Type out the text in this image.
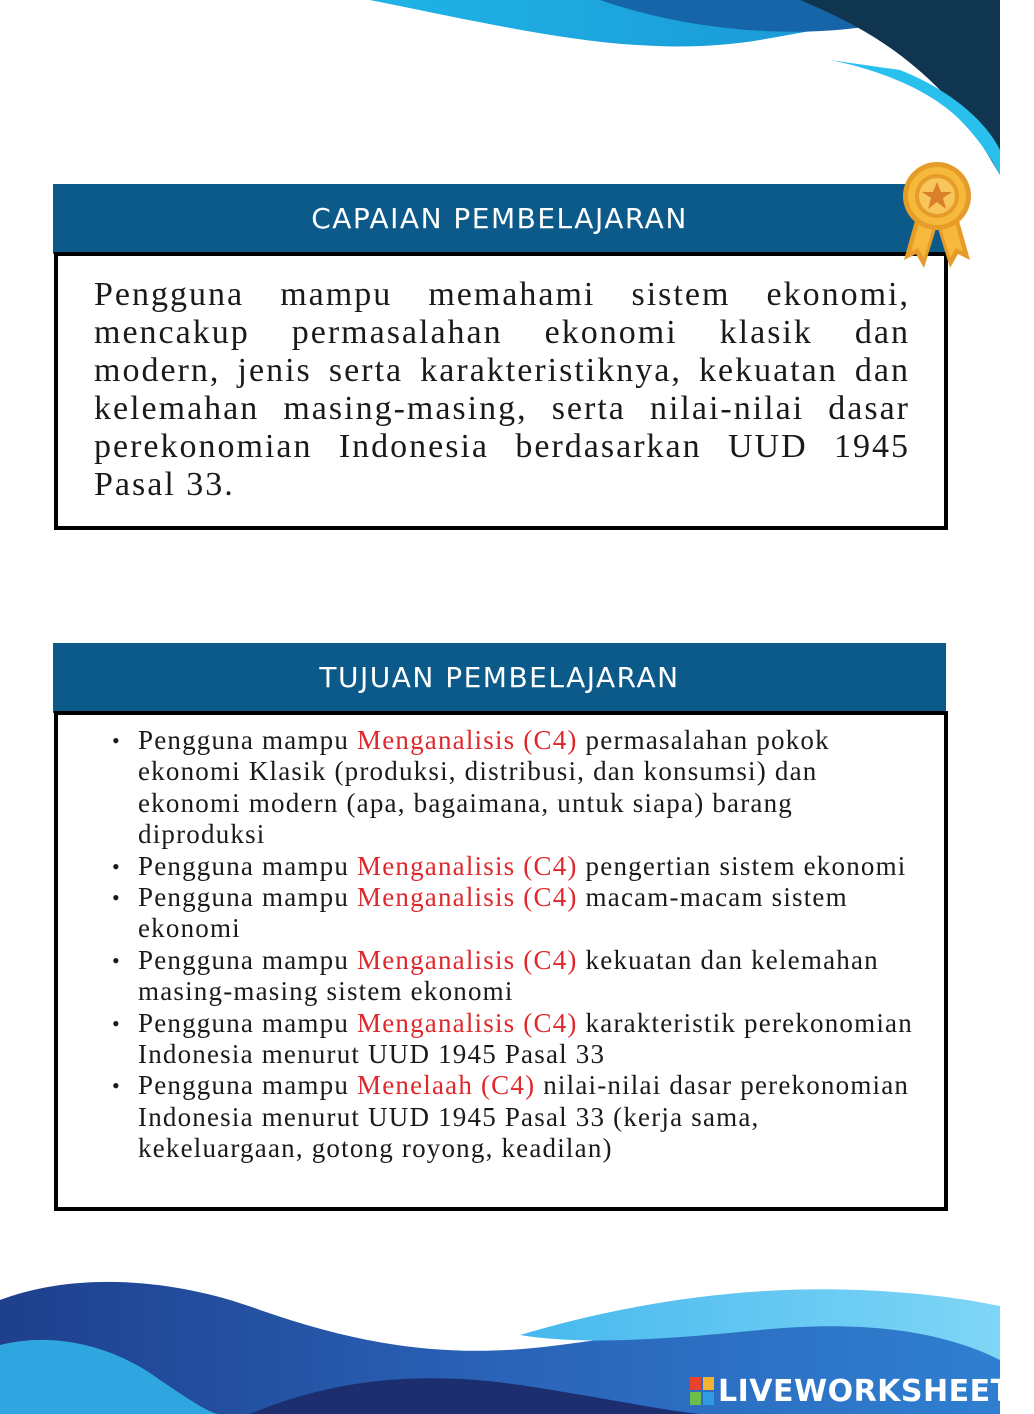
CAPAIAN PEMBELAJARAN

Pengguna mampu memahami sistem ekonomi, mencakup permasalahan ekonomi klasik dan modern, jenis serta karakteristiknya, kekuatan dan kelemahan masing-masing, serta nilai-nilai dasar perekonomian Indonesia berdasarkan UUD 1945 Pasal 33.

TUJUAN PEMBELAJARAN
• Pengguna mampu Menganalisis (C4) permasalahan pokok ekonomi Klasik (produksi, distribusi, dan konsumsi) dan ekonomi modern (apa, bagaimana, untuk siapa) barang diproduksi
• Pengguna mampu Menganalisis (C4) pengertian sistem ekonomi
• Pengguna mampu Menganalisis (C4) macam-macam sistem ekonomi
• Pengguna mampu Menganalisis (C4) kekuatan dan kelemahan masing-masing sistem ekonomi
• Pengguna mampu Menganalisis (C4) karakteristik perekonomian Indonesia menurut UUD 1945 Pasal 33
• Pengguna mampu Menelaah (C4) nilai-nilai dasar perekonomian Indonesia menurut UUD 1945 Pasal 33 (kerja sama, kekeluargaan, gotong royong, keadilan)
LIVEWORKSHEETS
